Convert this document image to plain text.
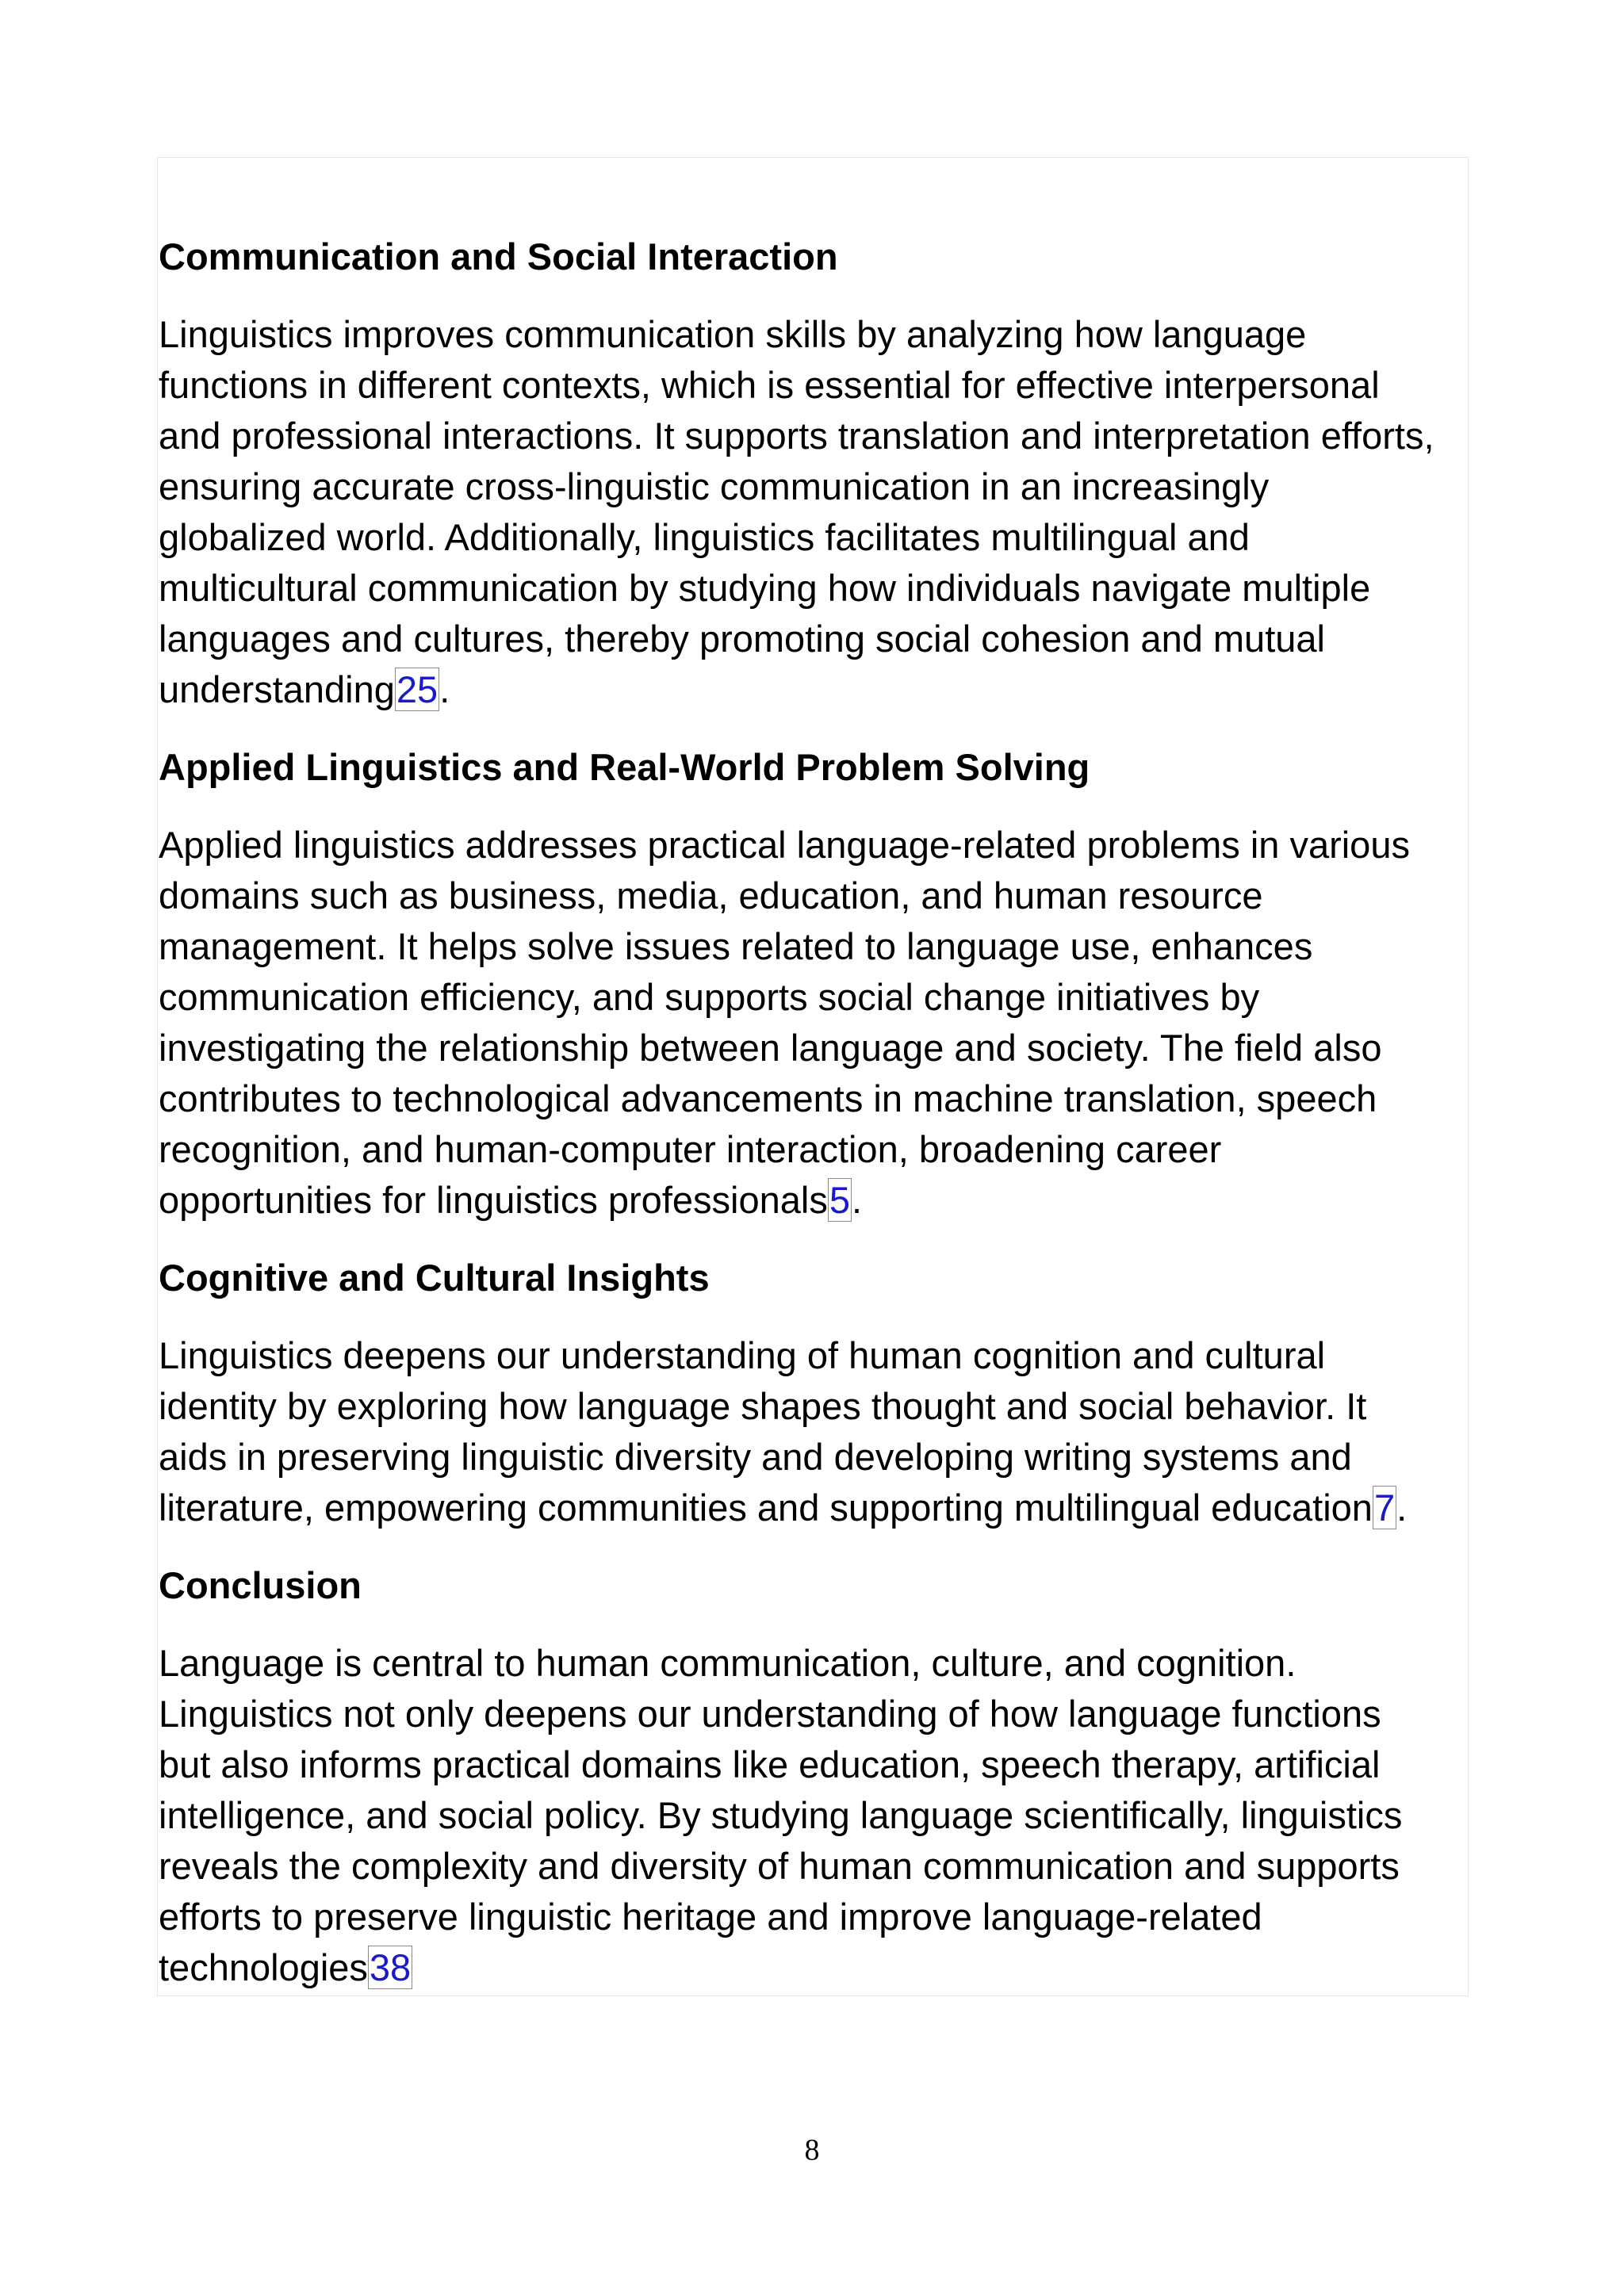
Communication and Social Interaction

Linguistics improves communication skills by analyzing how language
functions in different contexts, which is essential for effective interpersonal
and professional interactions. It supports translation and interpretation efforts,
ensuring accurate cross-linguistic communication in an increasingly
globalized world. Additionally, linguistics facilitates multilingual and
multicultural communication by studying how individuals navigate multiple
languages and cultures, thereby promoting social cohesion and mutual
understanding25.

Applied Linguistics and Real-World Problem Solving

Applied linguistics addresses practical language-related problems in various
domains such as business, media, education, and human resource
management. It helps solve issues related to language use, enhances
communication efficiency, and supports social change initiatives by
investigating the relationship between language and society. The field also
contributes to technological advancements in machine translation, speech
recognition, and human-computer interaction, broadening career
opportunities for linguistics professionals5.

Cognitive and Cultural Insights

Linguistics deepens our understanding of human cognition and cultural
identity by exploring how language shapes thought and social behavior. It
aids in preserving linguistic diversity and developing writing systems and
literature, empowering communities and supporting multilingual education7.

Conclusion

Language is central to human communication, culture, and cognition.
Linguistics not only deepens our understanding of how language functions
but also informs practical domains like education, speech therapy, artificial
intelligence, and social policy. By studying language scientifically, linguistics
reveals the complexity and diversity of human communication and supports
efforts to preserve linguistic heritage and improve language-related
technologies38

8
